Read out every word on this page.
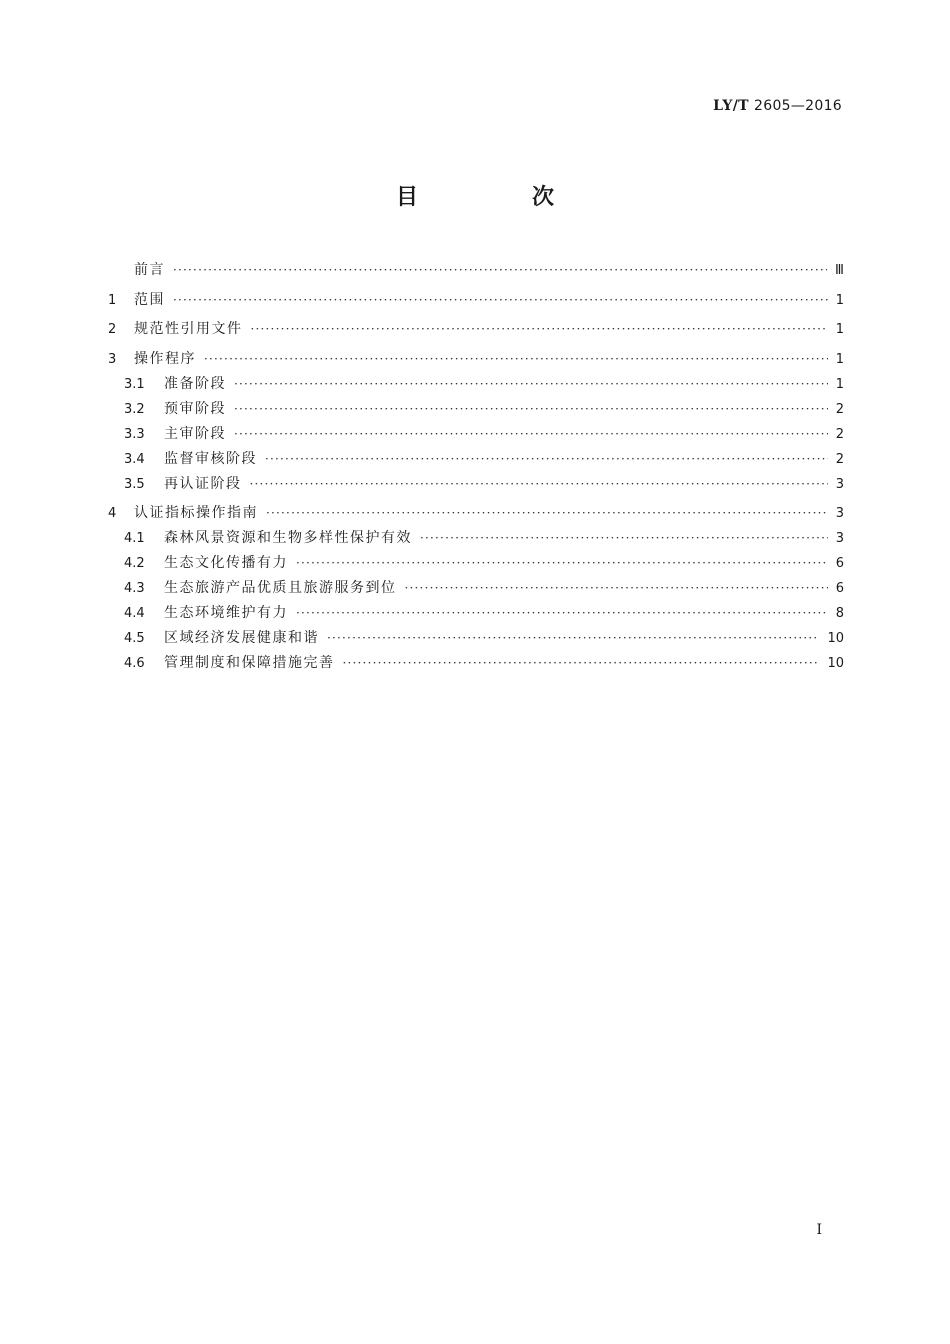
LY/T 2605—2016
目　次
前言 ·····	Ⅲ
1	范围 ·····	1
2	规范性引用文件 ·····	1
3	操作程序 ·····	1
3.1	准备阶段 ·····	1
3.2	预审阶段 ·····	2
3.3	主审阶段 ·····	2
3.4	监督审核阶段 ·····	2
3.5	再认证阶段 ·····	3
4	认证指标操作指南 ·····	3
4.1	森林风景资源和生物多样性保护有效 ·····	3
4.2	生态文化传播有力 ·····	6
4.3	生态旅游产品优质且旅游服务到位 ·····	6
4.4	生态环境维护有力 ·····	8
4.5	区域经济发展健康和谐 ·····	10
4.6	管理制度和保障措施完善 ·····	10
I
